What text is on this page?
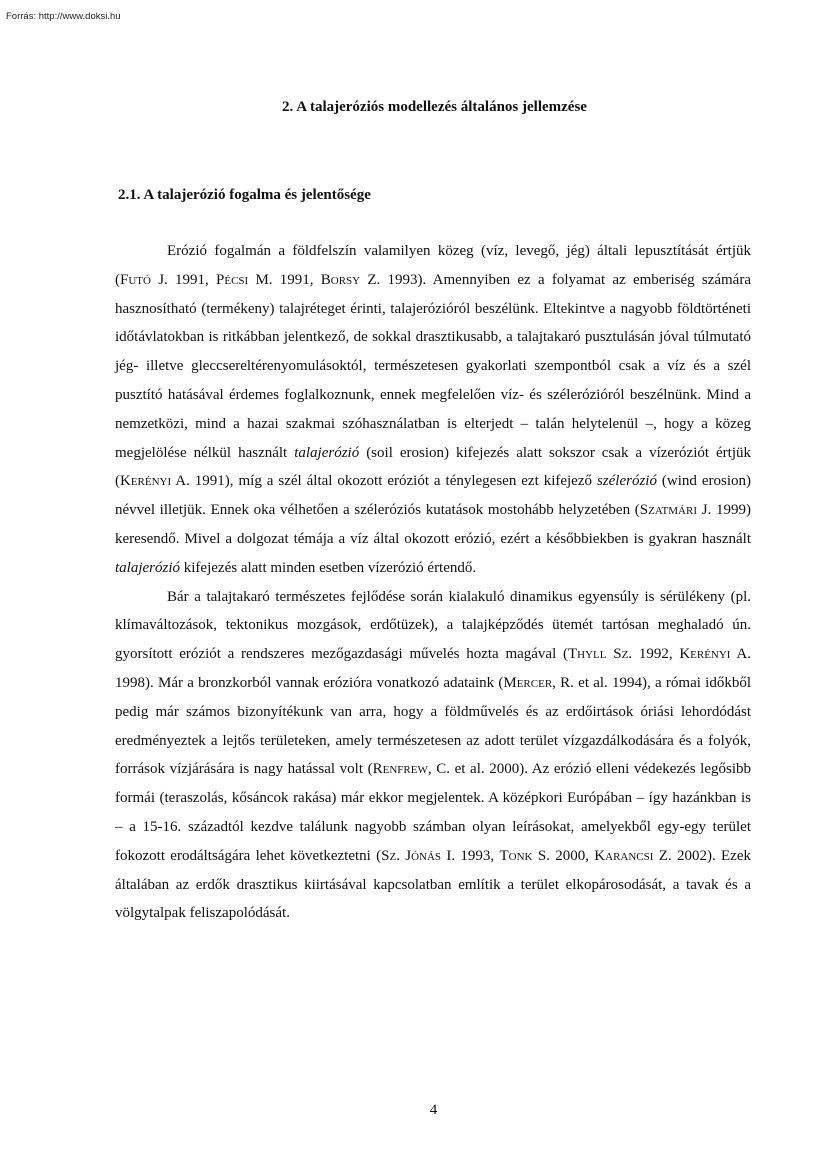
Forrás: http://www.doksi.hu
2. A talajeróziós modellezés általános jellemzése
2.1. A talajerózió fogalma és jelentősége

Erózió fogalmán a földfelszín valamilyen közeg (víz, levegő, jég) általi lepusztítását értjük (Futó J. 1991, Pécsi M. 1991, Borsy Z. 1993). Amennyiben ez a folyamat az emberiség számára hasznosítható (termékeny) talajréteget érinti, talajerózióról beszélünk. Eltekintve a nagyobb földtörténeti időtávlatokban is ritkábban jelentkező, de sokkal drasztikusabb, a talajtakaró pusztulásán jóval túlmutató jég- illetve gleccsereltérenyomulásoktól, természetesen gyakorlati szempontból csak a víz és a szél pusztító hatásával érdemes foglalkoznunk, ennek megfelelően víz- és szélerózióról beszélnünk. Mind a nemzetközi, mind a hazai szakmai szóhasználatban is elterjedt – talán helytelenül –, hogy a közeg megjelölése nélkül használt talajerózió (soil erosion) kifejezés alatt sokszor csak a vízeróziót értjük (Kerényi A. 1991), míg a szél által okozott eróziót a ténylegesen ezt kifejező szélerózió (wind erosion) névvel illetjük. Ennek oka vélhetően a széleróziós kutatások mostohább helyzetében (Szatmári J. 1999) keresendő. Mivel a dolgozat témája a víz által okozott erózió, ezért a későbbiekben is gyakran használt talajerózió kifejezés alatt minden esetben vízerózió értendő.

Bár a talajtakaró természetes fejlődése során kialakuló dinamikus egyensúly is sérülékeny (pl. klímaváltozások, tektonikus mozgások, erdőtüzek), a talajképződés ütemét tartósan meghaladó ún. gyorsított eróziót a rendszeres mezőgazdasági művelés hozta magával (Thyll Sz. 1992, Kerényi A. 1998). Már a bronzkorból vannak erózióra vonatkozó adataink (Mercer, R. et al. 1994), a római időkből pedig már számos bizonyítékunk van arra, hogy a földművelés és az erdőirtások óriási lehordódást eredményeztek a lejtős területeken, amely természetesen az adott terület vízgazdálkodására és a folyók, források vízjárására is nagy hatással volt (Renfrew, C. et al. 2000). Az erózió elleni védekezés legősibb formái (teraszolás, kősáncok rakása) már ekkor megjelentek. A középkori Európában – így hazánkban is – a 15-16. századtól kezdve találunk nagyobb számban olyan leírásokat, amelyekből egy-egy terület fokozott erodáltságára lehet következtetni (Sz. Jónás I. 1993, Tonk S. 2000, Karancsi Z. 2002). Ezek általában az erdők drasztikus kiirtásával kapcsolatban említik a terület elkopárosodását, a tavak és a völgytalpak feliszapolódását.

4
